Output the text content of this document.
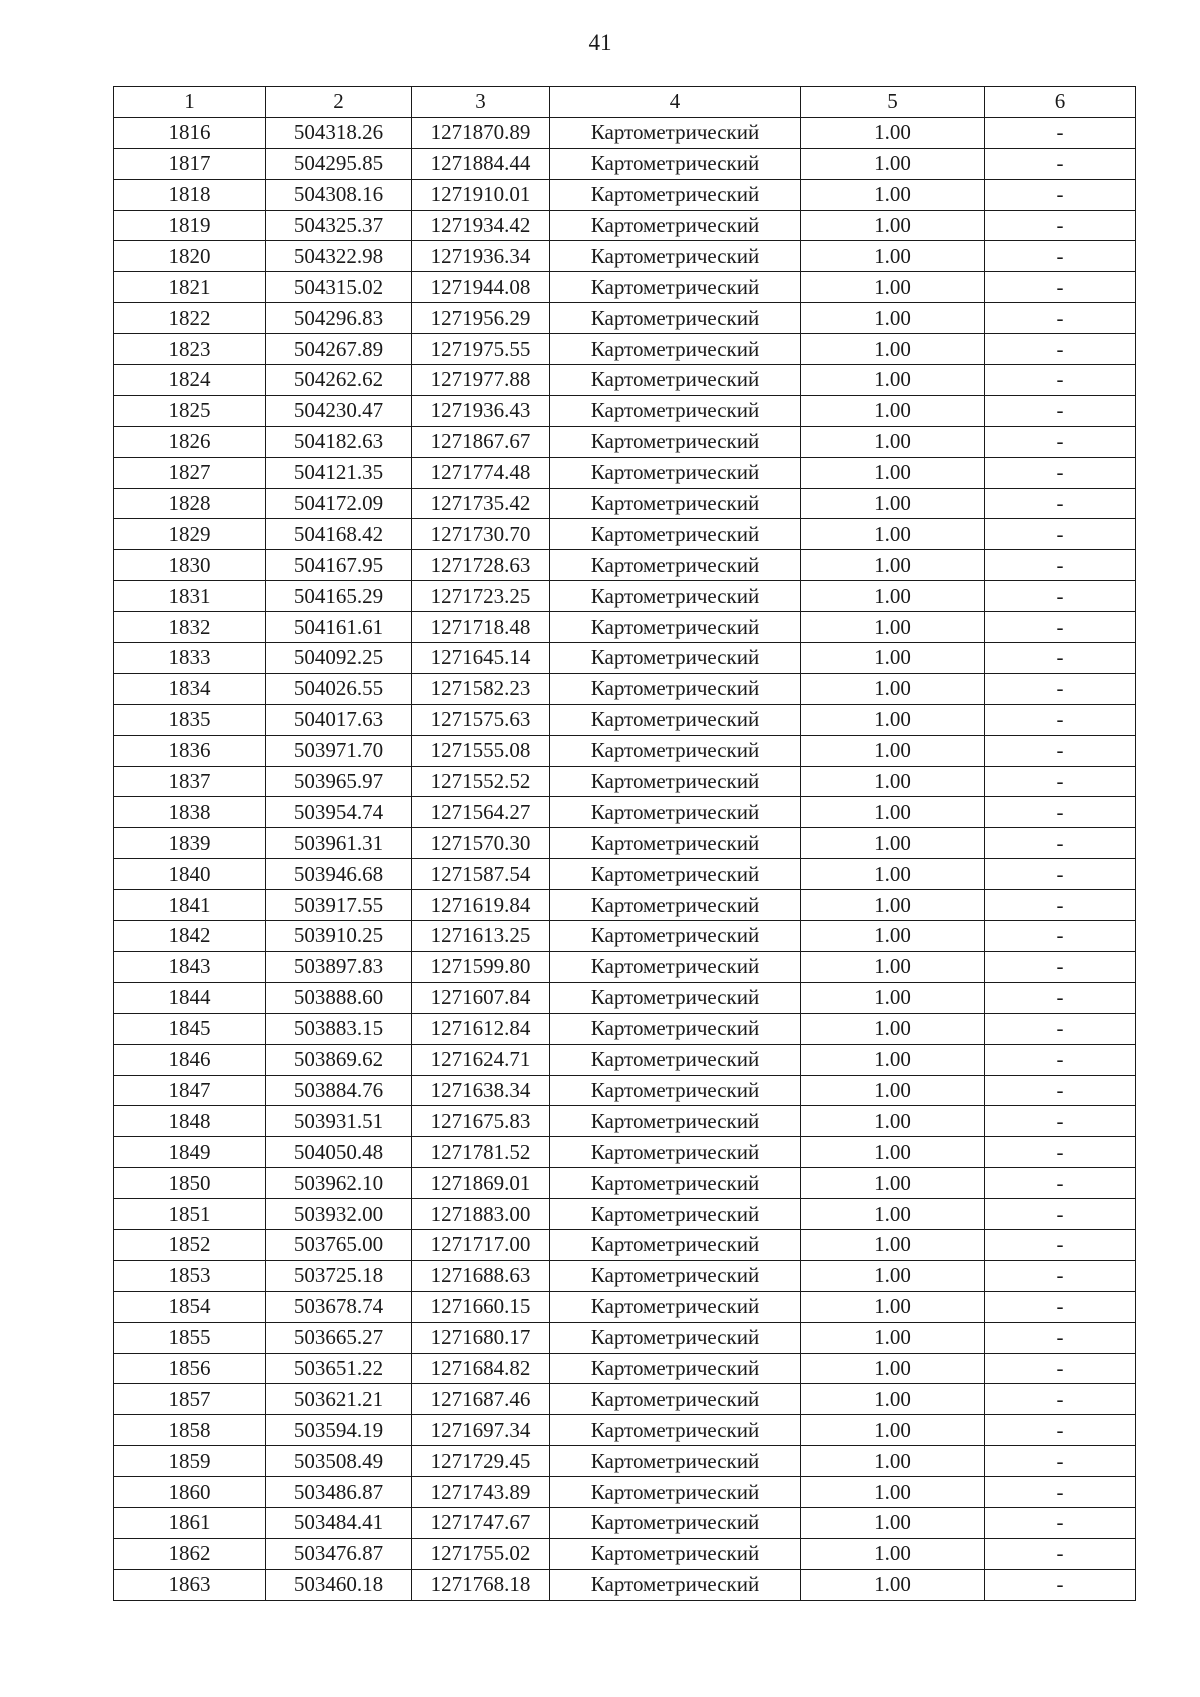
41
1	2	3	4	5	6
1816	504318.26	1271870.89	Картометрический	1.00	-
1817	504295.85	1271884.44	Картометрический	1.00	-
1818	504308.16	1271910.01	Картометрический	1.00	-
1819	504325.37	1271934.42	Картометрический	1.00	-
1820	504322.98	1271936.34	Картометрический	1.00	-
1821	504315.02	1271944.08	Картометрический	1.00	-
1822	504296.83	1271956.29	Картометрический	1.00	-
1823	504267.89	1271975.55	Картометрический	1.00	-
1824	504262.62	1271977.88	Картометрический	1.00	-
1825	504230.47	1271936.43	Картометрический	1.00	-
1826	504182.63	1271867.67	Картометрический	1.00	-
1827	504121.35	1271774.48	Картометрический	1.00	-
1828	504172.09	1271735.42	Картометрический	1.00	-
1829	504168.42	1271730.70	Картометрический	1.00	-
1830	504167.95	1271728.63	Картометрический	1.00	-
1831	504165.29	1271723.25	Картометрический	1.00	-
1832	504161.61	1271718.48	Картометрический	1.00	-
1833	504092.25	1271645.14	Картометрический	1.00	-
1834	504026.55	1271582.23	Картометрический	1.00	-
1835	504017.63	1271575.63	Картометрический	1.00	-
1836	503971.70	1271555.08	Картометрический	1.00	-
1837	503965.97	1271552.52	Картометрический	1.00	-
1838	503954.74	1271564.27	Картометрический	1.00	-
1839	503961.31	1271570.30	Картометрический	1.00	-
1840	503946.68	1271587.54	Картометрический	1.00	-
1841	503917.55	1271619.84	Картометрический	1.00	-
1842	503910.25	1271613.25	Картометрический	1.00	-
1843	503897.83	1271599.80	Картометрический	1.00	-
1844	503888.60	1271607.84	Картометрический	1.00	-
1845	503883.15	1271612.84	Картометрический	1.00	-
1846	503869.62	1271624.71	Картометрический	1.00	-
1847	503884.76	1271638.34	Картометрический	1.00	-
1848	503931.51	1271675.83	Картометрический	1.00	-
1849	504050.48	1271781.52	Картометрический	1.00	-
1850	503962.10	1271869.01	Картометрический	1.00	-
1851	503932.00	1271883.00	Картометрический	1.00	-
1852	503765.00	1271717.00	Картометрический	1.00	-
1853	503725.18	1271688.63	Картометрический	1.00	-
1854	503678.74	1271660.15	Картометрический	1.00	-
1855	503665.27	1271680.17	Картометрический	1.00	-
1856	503651.22	1271684.82	Картометрический	1.00	-
1857	503621.21	1271687.46	Картометрический	1.00	-
1858	503594.19	1271697.34	Картометрический	1.00	-
1859	503508.49	1271729.45	Картометрический	1.00	-
1860	503486.87	1271743.89	Картометрический	1.00	-
1861	503484.41	1271747.67	Картометрический	1.00	-
1862	503476.87	1271755.02	Картометрический	1.00	-
1863	503460.18	1271768.18	Картометрический	1.00	-
